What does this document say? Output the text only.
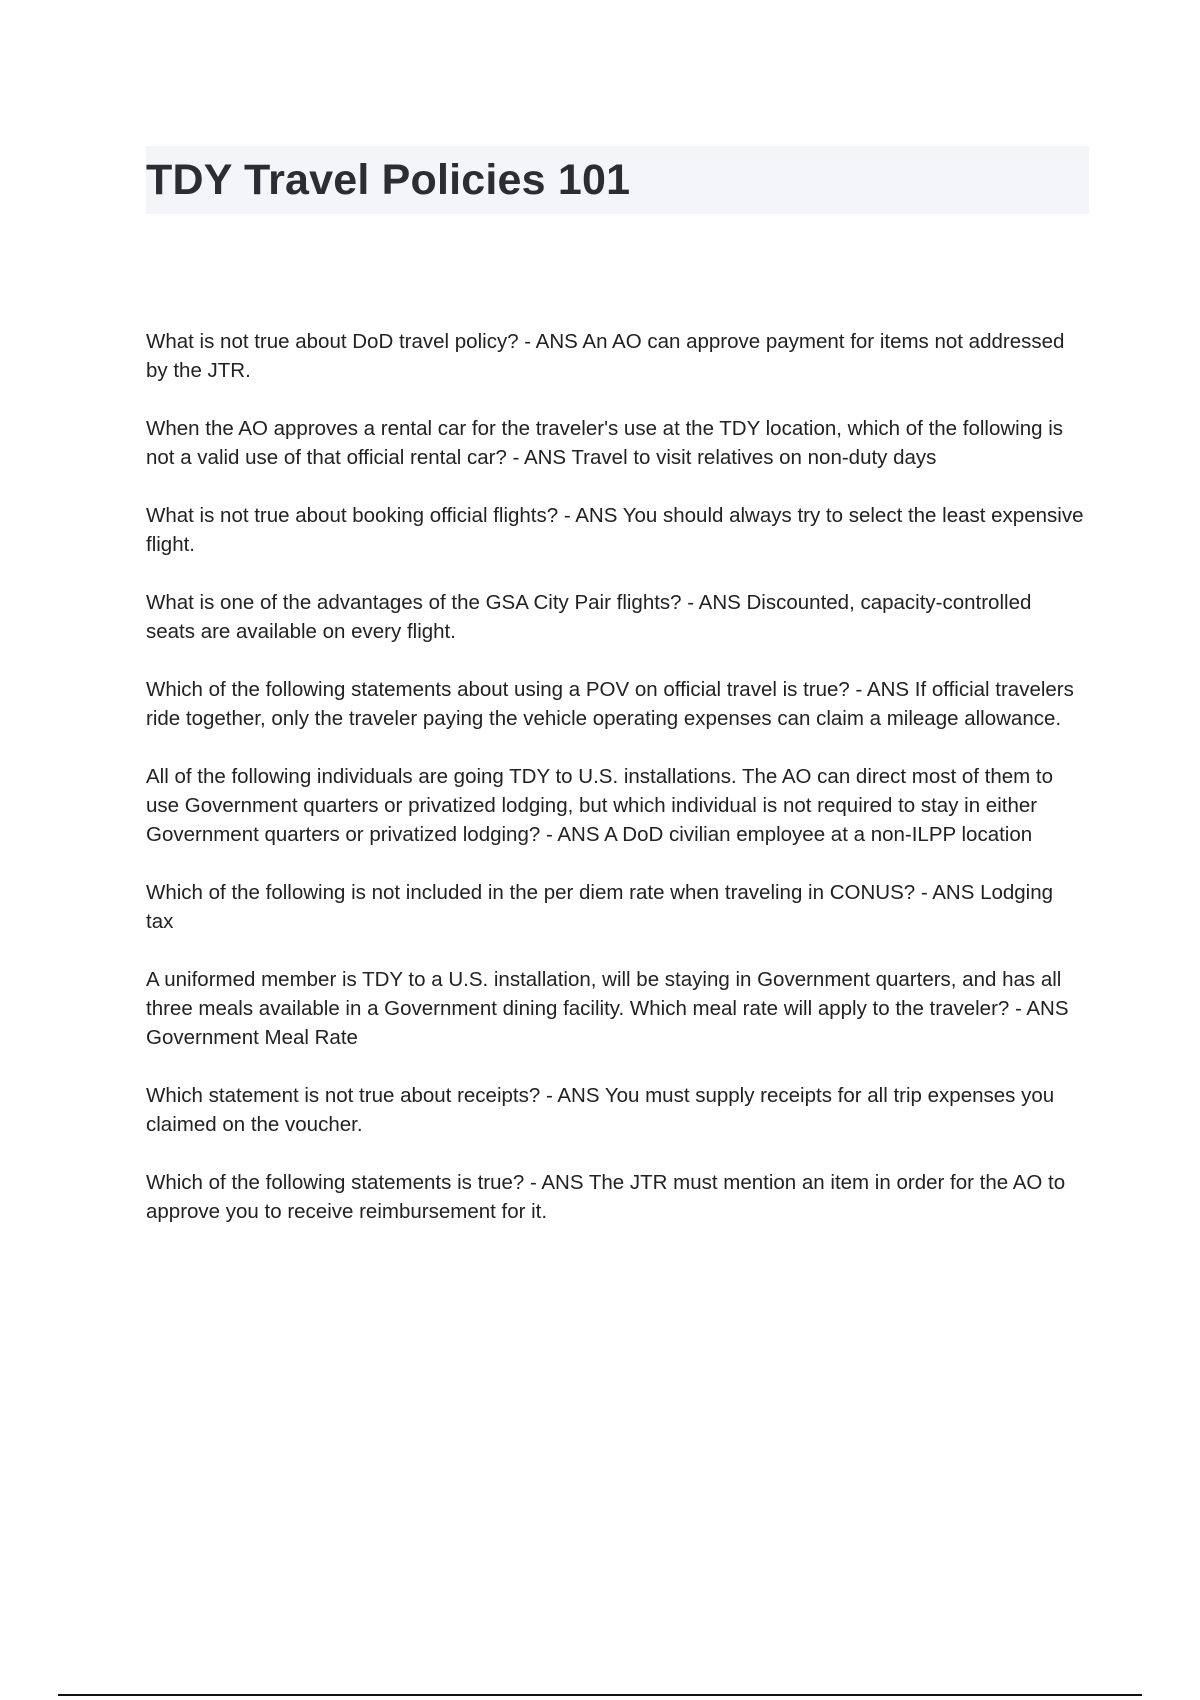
TDY Travel Policies 101

What is not true about DoD travel policy? - ANS An AO can approve payment for items not addressed by the JTR.

When the AO approves a rental car for the traveler's use at the TDY location, which of the following is not a valid use of that official rental car? - ANS Travel to visit relatives on non-duty days

What is not true about booking official flights? - ANS You should always try to select the least expensive flight.

What is one of the advantages of the GSA City Pair flights? - ANS Discounted, capacity-controlled seats are available on every flight.

Which of the following statements about using a POV on official travel is true? - ANS If official travelers ride together, only the traveler paying the vehicle operating expenses can claim a mileage allowance.

All of the following individuals are going TDY to U.S. installations. The AO can direct most of them to use Government quarters or privatized lodging, but which individual is not required to stay in either Government quarters or privatized lodging? - ANS A DoD civilian employee at a non-ILPP location

Which of the following is not included in the per diem rate when traveling in CONUS? - ANS Lodging tax

A uniformed member is TDY to a U.S. installation, will be staying in Government quarters, and has all three meals available in a Government dining facility. Which meal rate will apply to the traveler? - ANS Government Meal Rate

Which statement is not true about receipts? - ANS You must supply receipts for all trip expenses you claimed on the voucher.

Which of the following statements is true? - ANS The JTR must mention an item in order for the AO to approve you to receive reimbursement for it.
